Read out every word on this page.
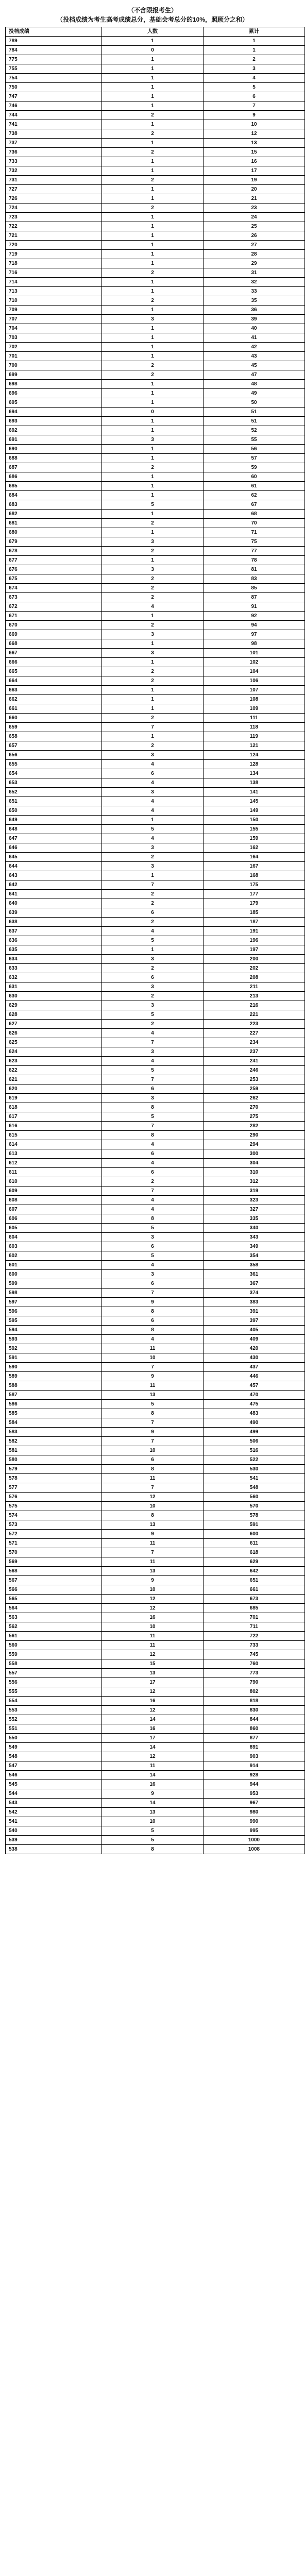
（不含限报考生）
（投档成绩为考生高考成绩总分，基础会考总分的10%，照顾分之和）
投档成绩	人数	累计
789	1	1
784	0	1
775	1	2
755	1	3
754	1	4
750	1	5
747	1	6
746	1	7
744	2	9
741	1	10
738	2	12
737	1	13
736	2	15
733	1	16
732	1	17
731	2	19
727	1	20
726	1	21
724	2	23
723	1	24
722	1	25
721	1	26
720	1	27
719	1	28
718	1	29
716	2	31
714	1	32
713	1	33
710	2	35
709	1	36
707	3	39
704	1	40
703	1	41
702	1	42
701	1	43
700	2	45
699	2	47
698	1	48
696	1	49
695	1	50
694	0	51
693	1	51
692	1	52
691	3	55
690	1	56
688	1	57
687	2	59
686	1	60
685	1	61
684	1	62
683	5	67
682	1	68
681	2	70
680	1	71
679	3	75
678	2	77
677	1	78
676	3	81
675	2	83
674	2	85
673	2	87
672	4	91
671	1	92
670	2	94
669	3	97
668	1	98
667	3	101
666	1	102
665	2	104
664	2	106
663	1	107
662	1	108
661	1	109
660	2	111
659	7	118
658	1	119
657	2	121
656	3	124
655	4	128
654	6	134
653	4	138
652	3	141
651	4	145
650	4	149
649	1	150
648	5	155
647	4	159
646	3	162
645	2	164
644	3	167
643	1	168
642	7	175
641	2	177
640	2	179
639	6	185
638	2	187
637	4	191
636	5	196
635	1	197
634	3	200
633	2	202
632	6	208
631	3	211
630	2	213
629	3	216
628	5	221
627	2	223
626	4	227
625	7	234
624	3	237
623	4	241
622	5	246
621	7	253
620	6	259
619	3	262
618	8	270
617	5	275
616	7	282
615	8	290
614	4	294
613	6	300
612	4	304
611	6	310
610	2	312
609	7	319
608	4	323
607	4	327
606	8	335
605	5	340
604	3	343
603	6	349
602	5	354
601	4	358
600	3	361
599	6	367
598	7	374
597	9	383
596	8	391
595	6	397
594	8	405
593	4	409
592	11	420
591	10	430
590	7	437
589	9	446
588	11	457
587	13	470
586	5	475
585	8	483
584	7	490
583	9	499
582	7	506
581	10	516
580	6	522
579	8	530
578	11	541
577	7	548
576	12	560
575	10	570
574	8	578
573	13	591
572	9	600
571	11	611
570	7	618
569	11	629
568	13	642
567	9	651
566	10	661
565	12	673
564	12	685
563	16	701
562	10	711
561	11	722
560	11	733
559	12	745
558	15	760
557	13	773
556	17	790
555	12	802
554	16	818
553	12	830
552	14	844
551	16	860
550	17	877
549	14	891
548	12	903
547	11	914
546	14	928
545	16	944
544	9	953
543	14	967
542	13	980
541	10	990
540	5	995
539	5	1000
538	8	1008
